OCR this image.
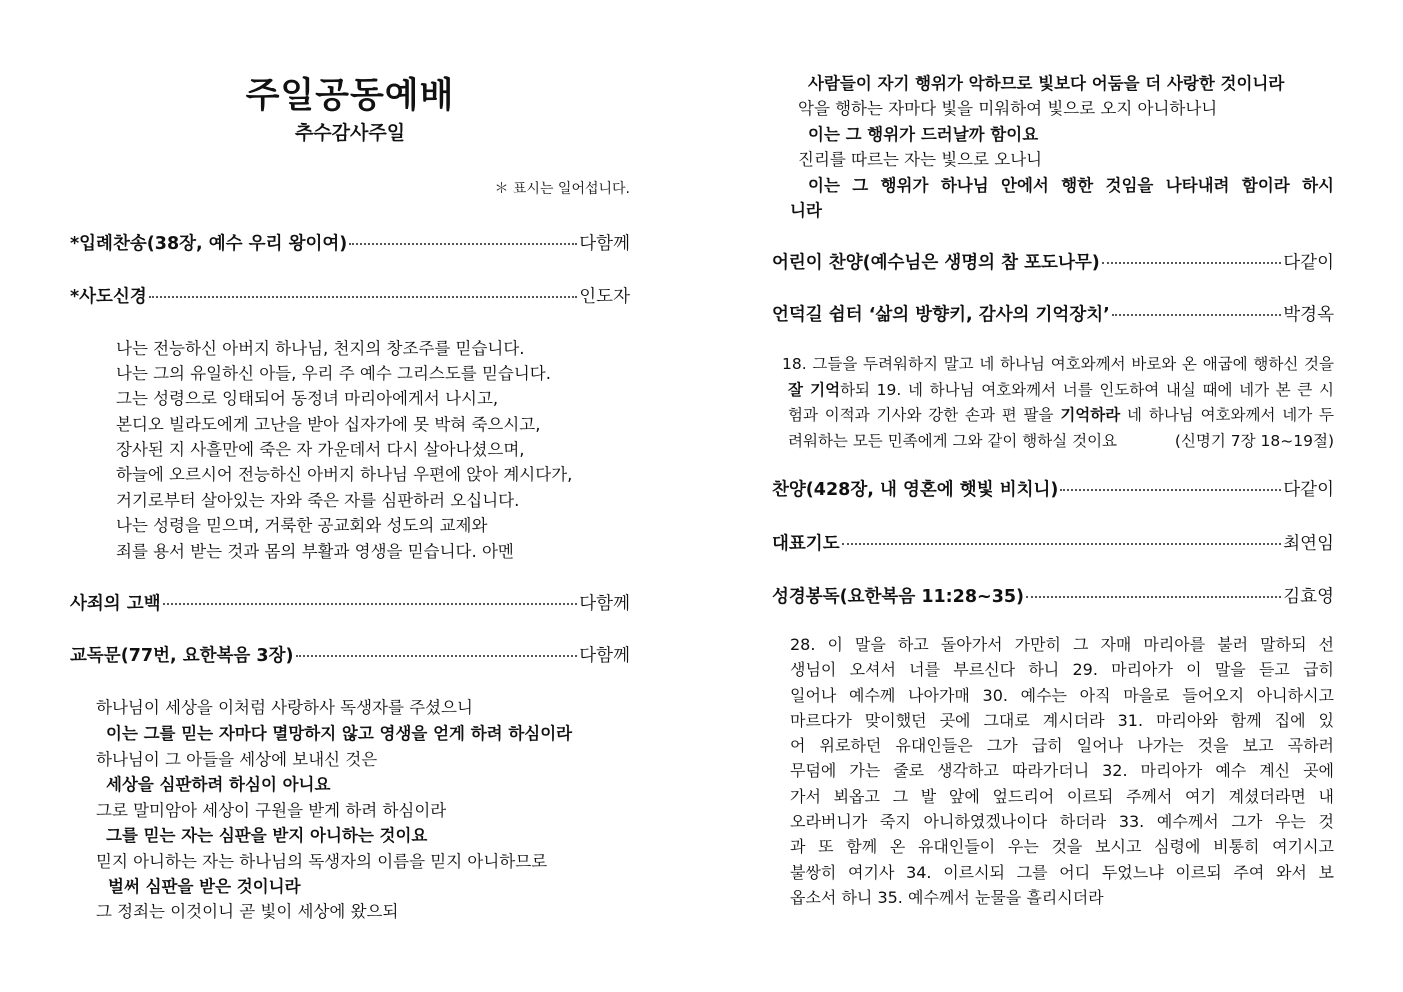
주일공동예배
추수감사주일
＊ 표시는 일어섭니다.
*입례찬송(38장, 예수 우리 왕이여)	다함께
*사도신경	인도자
나는 전능하신 아버지 하나님, 천지의 창조주를 믿습니다.
나는 그의 유일하신 아들, 우리 주 예수 그리스도를 믿습니다.
그는 성령으로 잉태되어 동정녀 마리아에게서 나시고,
본디오 빌라도에게 고난을 받아 십자가에 못 박혀 죽으시고,
장사된 지 사흘만에 죽은 자 가운데서 다시 살아나셨으며,
하늘에 오르시어 전능하신 아버지 하나님 우편에 앉아 계시다가,
거기로부터 살아있는 자와 죽은 자를 심판하러 오십니다.
나는 성령을 믿으며, 거룩한 공교회와 성도의 교제와
죄를 용서 받는 것과 몸의 부활과 영생을 믿습니다. 아멘
사죄의 고백	다함께
교독문(77번, 요한복음 3장)	다함께
하나님이 세상을 이처럼 사랑하사 독생자를 주셨으니
이는 그를 믿는 자마다 멸망하지 않고 영생을 얻게 하려 하심이라
하나님이 그 아들을 세상에 보내신 것은
세상을 심판하려 하심이 아니요
그로 말미암아 세상이 구원을 받게 하려 하심이라
그를 믿는 자는 심판을 받지 아니하는 것이요
믿지 아니하는 자는 하나님의 독생자의 이름을 믿지 아니하므로
벌써 심판을 받은 것이니라
그 정죄는 이것이니 곧 빛이 세상에 왔으되
사람들이 자기 행위가 악하므로 빛보다 어둠을 더 사랑한 것이니라
악을 행하는 자마다 빛을 미워하여 빛으로 오지 아니하나니
이는 그 행위가 드러날까 함이요
진리를 따르는 자는 빛으로 오나니
이는 그 행위가 하나님 안에서 행한 것임을 나타내려 함이라 하시
니라
어린이 찬양(예수님은 생명의 참 포도나무)	다같이
언덕길 쉼터 ‘삶의 방향키, 감사의 기억장치’	박경옥
18. 그들을 두려워하지 말고 네 하나님 여호와께서 바로와 온 애굽에 행하신 것을
잘 기억하되 19. 네 하나님 여호와께서 너를 인도하여 내실 때에 네가 본 큰 시
험과 이적과 기사와 강한 손과 편 팔을 기억하라 네 하나님 여호와께서 네가 두
려워하는 모든 민족에게 그와 같이 행하실 것이요	(신명기 7장 18~19절)
찬양(428장, 내 영혼에 햇빛 비치니)	다같이
대표기도	최연임
성경봉독(요한복음 11:28~35)	김효영
28. 이 말을 하고 돌아가서 가만히 그 자매 마리아를 불러 말하되 선
생님이 오셔서 너를 부르신다 하니 29. 마리아가 이 말을 듣고 급히
일어나 예수께 나아가매 30. 예수는 아직 마을로 들어오지 아니하시고
마르다가 맞이했던 곳에 그대로 계시더라 31. 마리아와 함께 집에 있
어 위로하던 유대인들은 그가 급히 일어나 나가는 것을 보고 곡하러
무덤에 가는 줄로 생각하고 따라가더니 32. 마리아가 예수 계신 곳에
가서 뵈옵고 그 발 앞에 엎드리어 이르되 주께서 여기 계셨더라면 내
오라버니가 죽지 아니하였겠나이다 하더라 33. 예수께서 그가 우는 것
과 또 함께 온 유대인들이 우는 것을 보시고 심령에 비통히 여기시고
불쌍히 여기사 34. 이르시되 그를 어디 두었느냐 이르되 주여 와서 보
옵소서 하니 35. 예수께서 눈물을 흘리시더라
